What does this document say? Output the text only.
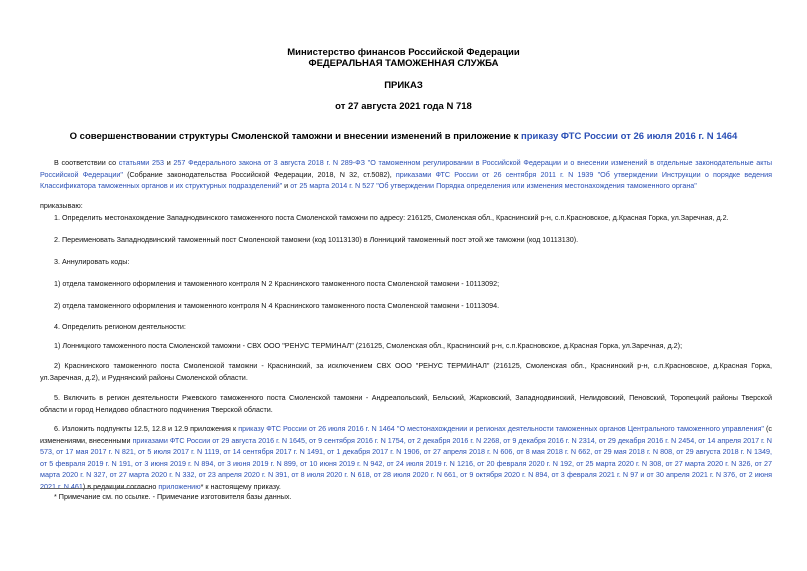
Министерство финансов Российской Федерации
ФЕДЕРАЛЬНАЯ ТАМОЖЕННАЯ СЛУЖБА
ПРИКАЗ
от 27 августа 2021 года N 718
О совершенствовании структуры Смоленской таможни и внесении изменений в приложение к приказу ФТС России от 26 июля 2016 г. N 1464
В соответствии со статьями 253 и 257 Федерального закона от 3 августа 2018 г. N 289-ФЗ "О таможенном регулировании в Российской Федерации и о внесении изменений в отдельные законодательные акты Российской Федерации" (Собрание законодательства Российской Федерации, 2018, N 32, ст.5082), приказами ФТС России от 26 сентября 2011 г. N 1939 "Об утверждении Инструкции о порядке ведения Классификатора таможенных органов и их структурных подразделений" и от 25 марта 2014 г. N 527 "Об утверждении Порядка определения или изменения местонахождения таможенного органа"
приказываю:
1. Определить местонахождение Западнодвинского таможенного поста Смоленской таможни по адресу: 216125, Смоленская обл., Краснинский р-н, с.п.Красновское, д.Красная Горка, ул.Заречная, д.2.
2. Переименовать Западнодвинский таможенный пост Смоленской таможни (код 10113130) в Лонницкий таможенный пост этой же таможни (код 10113130).
3. Аннулировать коды:
1) отдела таможенного оформления и таможенного контроля N 2 Краснинского таможенного поста Смоленской таможни - 10113092;
2) отдела таможенного оформления и таможенного контроля N 4 Краснинского таможенного поста Смоленской таможни - 10113094.
4. Определить регионом деятельности:
1) Лонницкого таможенного поста Смоленской таможни - СВХ ООО "РЕНУС ТЕРМИНАЛ" (216125, Смоленская обл., Краснинский р-н, с.п.Красновское, д.Красная Горка, ул.Заречная, д.2);
2) Краснинского таможенного поста Смоленской таможни - Краснинский, за исключением СВХ ООО "РЕНУС ТЕРМИНАЛ" (216125, Смоленская обл., Краснинский р-н, с.п.Красновское, д.Красная Горка, ул.Заречная, д.2), и Руднянский районы Смоленской области.
5. Включить в регион деятельности Ржевского таможенного поста Смоленской таможни - Андреапольский, Бельский, Жарковский, Западнодвинский, Нелидовский, Пеновский, Торопецкий районы Тверской области и город Нелидово областного подчинения Тверской области.
6. Изложить подпункты 12.5, 12.8 и 12.9 приложения к приказу ФТС России от 26 июля 2016 г. N 1464 "О местонахождении и регионах деятельности таможенных органов Центрального таможенного управления" (с изменениями, внесенными приказами ФТС России от 29 августа 2016 г. N 1645, от 9 сентября 2016 г. N 1754, от 2 декабря 2016 г. N 2268, от 9 декабря 2016 г. N 2314, от 29 декабря 2016 г. N 2454, от 14 апреля 2017 г. N 573, от 17 мая 2017 г. N 821, от 5 июля 2017 г. N 1119, от 14 сентября 2017 г. N 1491, от 1 декабря 2017 г. N 1906, от 27 апреля 2018 г. N 606, от 8 мая 2018 г. N 662, от 29 мая 2018 г. N 808, от 29 августа 2018 г. N 1349, от 5 февраля 2019 г. N 191, от 3 июня 2019 г. N 894, от 3 июня 2019 г. N 899, от 10 июня 2019 г. N 942, от 24 июля 2019 г. N 1216, от 20 февраля 2020 г. N 192, от 25 марта 2020 г. N 308, от 27 марта 2020 г. N 326, от 27 марта 2020 г. N 327, от 27 марта 2020 г. N 332, от 23 апреля 2020 г. N 391, от 8 июля 2020 г. N 618, от 28 июля 2020 г. N 661, от 9 октября 2020 г. N 894, от 3 февраля 2021 г. N 97 и от 30 апреля 2021 г. N 376, от 2 июня 2021 г. N 461) в редакции согласно приложению* к настоящему приказу.
* Примечание см. по ссылке. - Примечание изготовителя базы данных.
